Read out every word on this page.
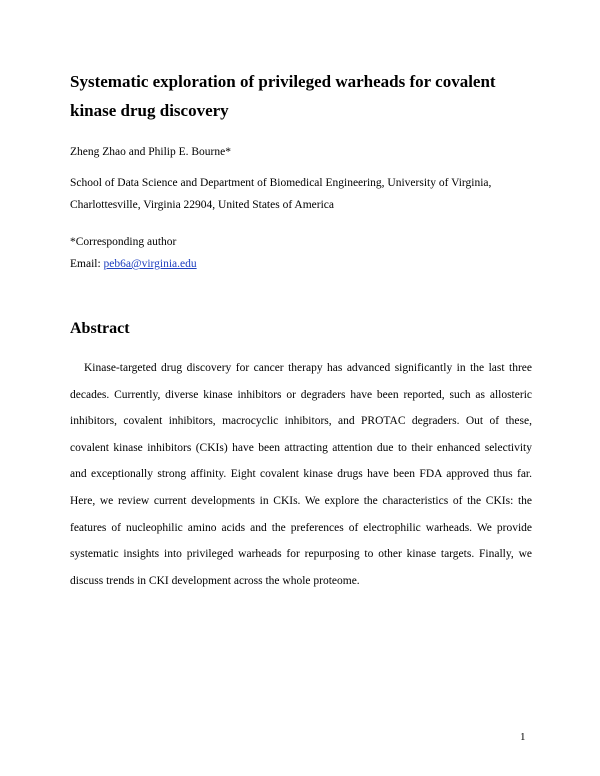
Systematic exploration of privileged warheads for covalent
kinase drug discovery
Zheng Zhao and Philip E. Bourne*
School of Data Science and Department of Biomedical Engineering, University of Virginia,
Charlottesville, Virginia 22904, United States of America
*Corresponding author
Email: peb6a@virginia.edu
Abstract
Kinase-targeted drug discovery for cancer therapy has advanced significantly in the last three
decades. Currently, diverse kinase inhibitors or degraders have been reported, such as allosteric
inhibitors, covalent inhibitors, macrocyclic inhibitors, and PROTAC degraders. Out of these,
covalent kinase inhibitors (CKIs) have been attracting attention due to their enhanced selectivity
and exceptionally strong affinity. Eight covalent kinase drugs have been FDA approved thus far.
Here, we review current developments in CKIs. We explore the characteristics of the CKIs: the
features of nucleophilic amino acids and the preferences of electrophilic warheads. We provide
systematic insights into privileged warheads for repurposing to other kinase targets. Finally, we
discuss trends in CKI development across the whole proteome.
1
